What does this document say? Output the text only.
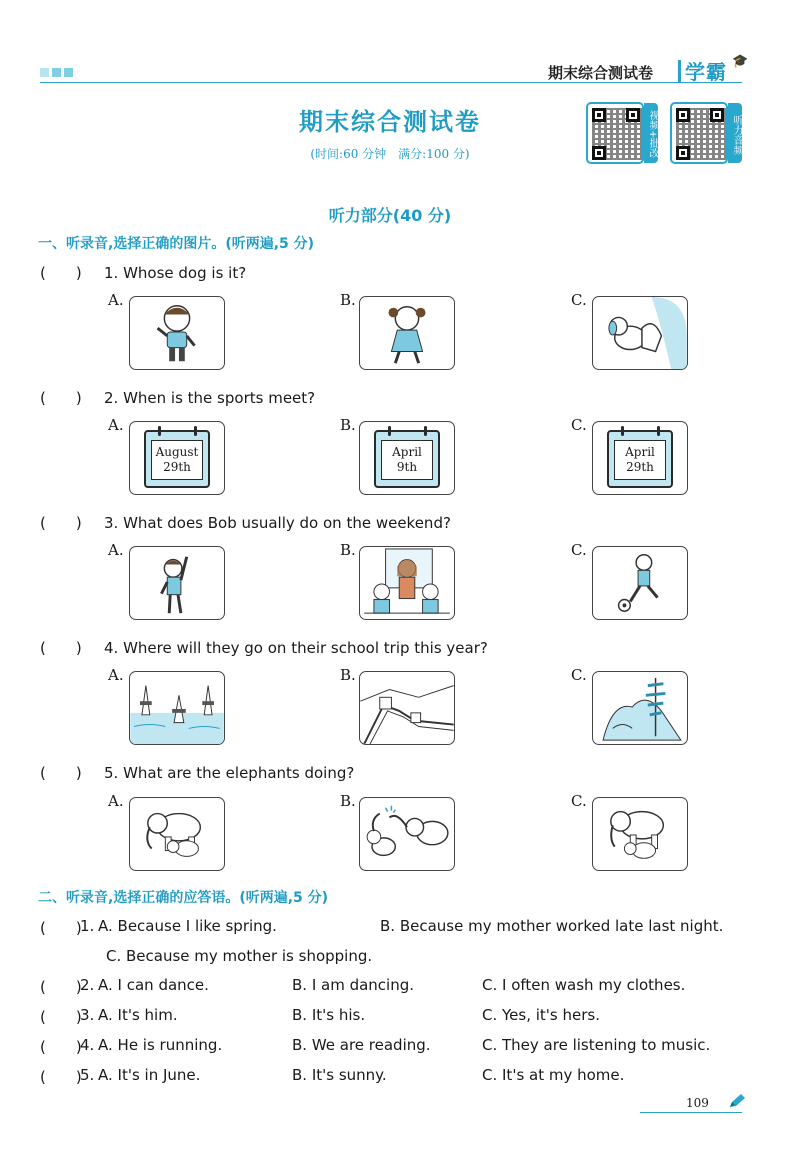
期末综合测试卷 学霸 🎓
期末综合测试卷
(时间:60 分钟　满分:100 分)	视频+批改	听力音频
听力部分(40 分)
一、听录音,选择正确的图片。(听两遍,5 分)
(　　) 1. Whose dog is it?
A.	B.	C.
(　　) 2. When is the sports meet?
A.	B.	C.
August
29th
April
9th
April
29th
(　　) 3. What does Bob usually do on the weekend?
A.	B.	C.
(　　) 4. Where will they go on their school trip this year?
A.	B.	C.
(　　) 5. What are the elephants doing?
A.	B.	C.
二、听录音,选择正确的应答语。(听两遍,5 分)
(　　)
1. A. Because I like spring.	B. Because my mother worked late last night.
C. Because my mother is shopping.
(　　)
2. A. I can dance.	B. I am dancing.	C. I often wash my clothes.
(　　)
3. A. It's him.	B. It's his.	C. Yes, it's hers.
(　　)
4. A. He is running.	B. We are reading.	C. They are listening to music.
(　　)
5. A. It's in June.	B. It's sunny.	C. It's at my home.
109
